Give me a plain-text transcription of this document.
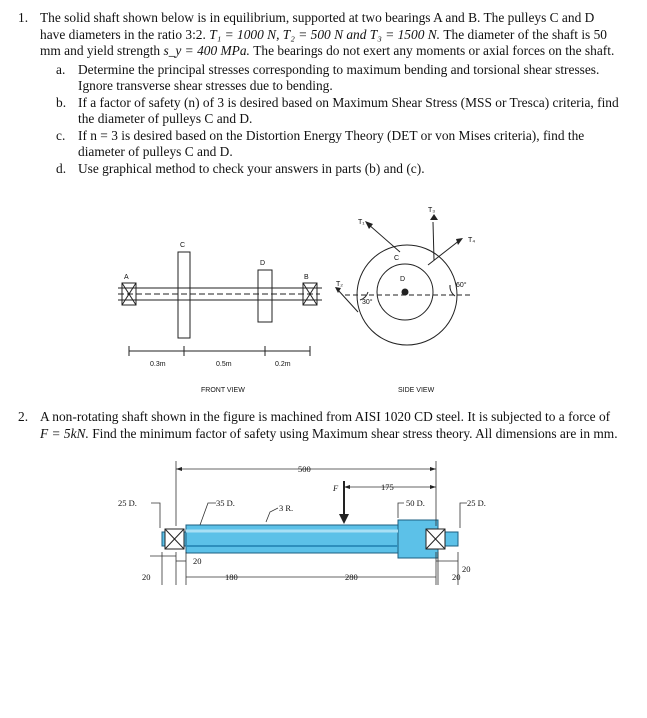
1. The solid shaft shown below is in equilibrium, supported at two bearings A and B. The pulleys C and D have diameters in the ratio 3:2. T₁ = 1000 N, T₂ = 500 N and T₃ = 1500 N. The diameter of the shaft is 50 mm and yield strength s_y = 400 MPa. The bearings do not exert any moments or axial forces on the shaft.
a. Determine the principal stresses corresponding to maximum bending and torsional shear stresses. Ignore transverse shear stresses due to bending.
b. If a factor of safety (n) of 3 is desired based on Maximum Shear Stress (MSS or Tresca) criteria, find the diameter of pulleys C and D.
c. If n = 3 is desired based on the Distortion Energy Theory (DET or von Mises criteria), find the diameter of pulleys C and D.
d. Use graphical method to check your answers in parts (b) and (c).
A
C
D
B
0.3m	0.5m	0.2m
FRONT VIEW	SIDE VIEW
T₁
T₂
T₃
T₄
C
D
30°
60°
2. A non-rotating shaft shown in the figure is machined from AISI 1020 CD steel. It is subjected to a force of F = 5kN. Find the minimum factor of safety using Maximum shear stress theory. All dimensions are in mm.
500
175
F
25 D.	35 D.	3 R.	50 D.	25 D.
20
20	180	280
20
20
